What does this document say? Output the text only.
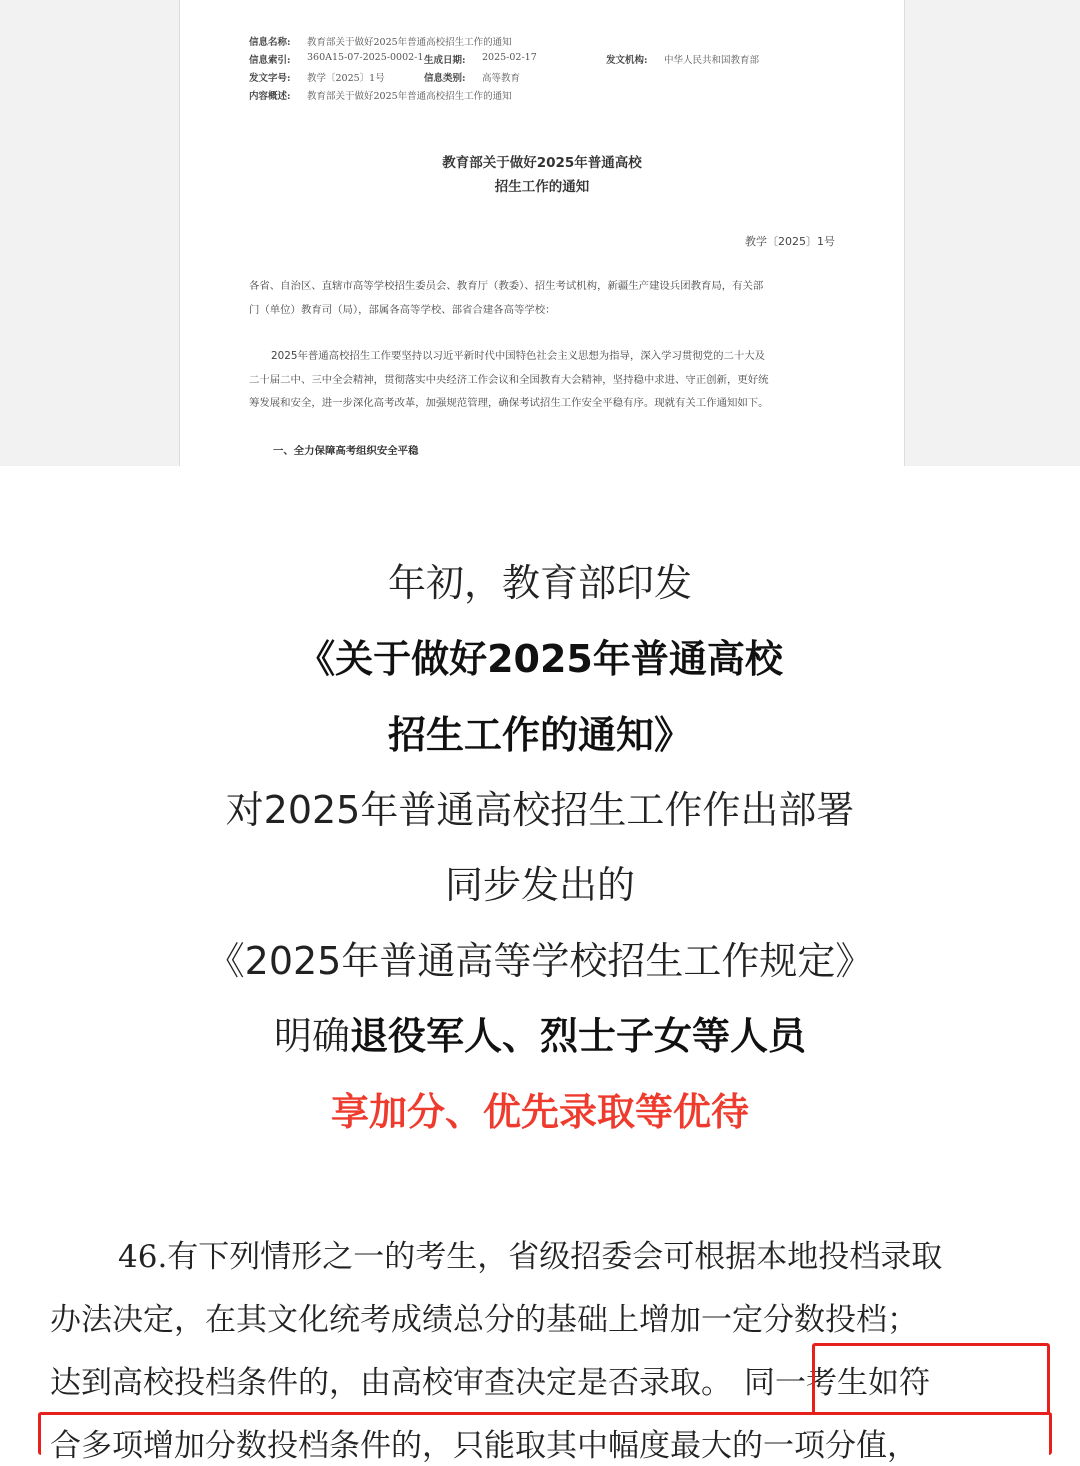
信息名称: 教育部关于做好2025年普通高校招生工作的通知
信息索引: 360A15-07-2025-0002-1 生成日期: 2025-02-17	发文机构: 中华人民共和国教育部
发文字号: 教学〔2025〕1号	信息类别: 高等教育
内容概述: 教育部关于做好2025年普通高校招生工作的通知
教育部关于做好2025年普通高校
招生工作的通知
教学〔2025〕1号
各省、自治区、直辖市高等学校招生委员会、教育厅（教委）、招生考试机构，新疆生产建设兵团教育局，有关部
门（单位）教育司（局），部属各高等学校、部省合建各高等学校：
2025年普通高校招生工作要坚持以习近平新时代中国特色社会主义思想为指导，深入学习贯彻党的二十大及
二十届二中、三中全会精神，贯彻落实中央经济工作会议和全国教育大会精神，坚持稳中求进、守正创新，更好统
筹发展和安全，进一步深化高考改革，加强规范管理，确保考试招生工作安全平稳有序。现就有关工作通知如下。
一、全力保障高考组织安全平稳
年初，教育部印发
《关于做好2025年普通高校
招生工作的通知》
对2025年普通高校招生工作作出部署
同步发出的
《2025年普通高等学校招生工作规定》
明确退役军人、烈士子女等人员
享加分、优先录取等优待
46.有下列情形之一的考生，省级招委会可根据本地投档录取
办法决定，在其文化统考成绩总分的基础上增加一定分数投档；
达到高校投档条件的，由高校审查决定是否录取。 同一考生如符
合多项增加分数投档条件的，只能取其中幅度最大的一项分值，
